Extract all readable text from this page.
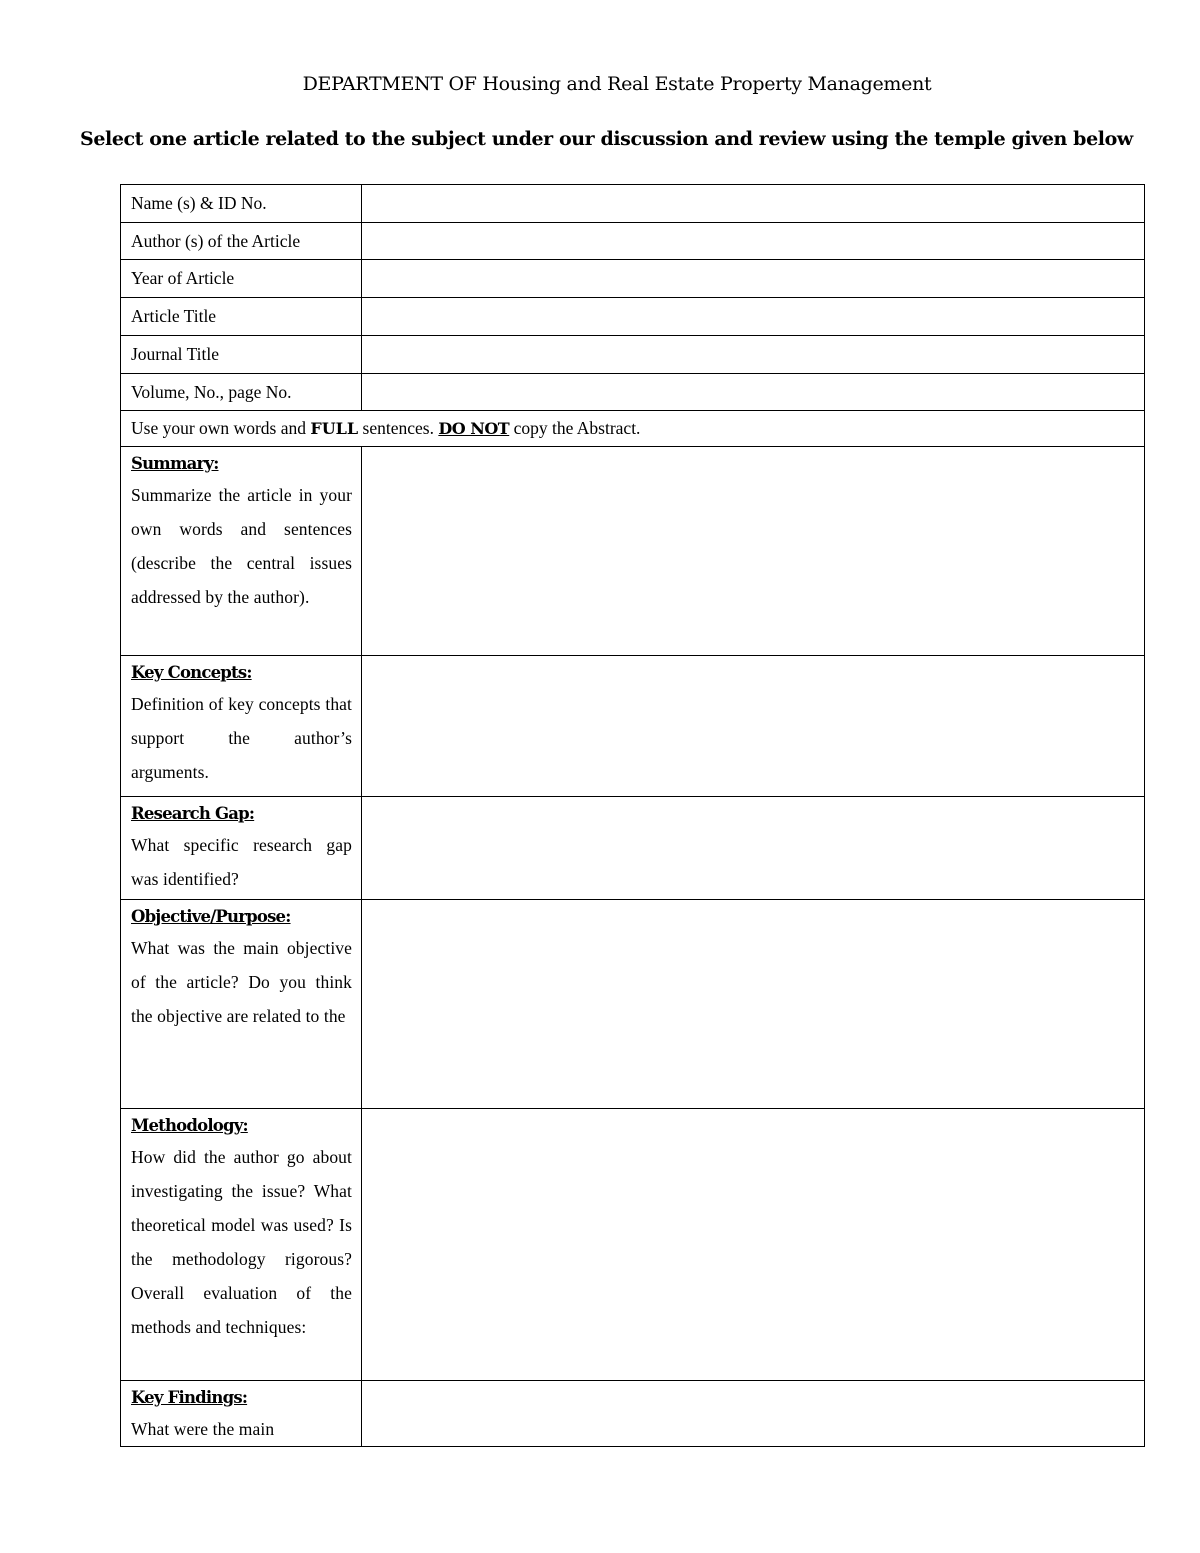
DEPARTMENT OF Housing and Real Estate Property Management
Select one article related to the subject under our discussion and review using the temple given below
Name (s) & ID No.	
Author (s) of the Article	
Year of Article	
Article Title	
Journal Title	
Volume, No., page No.	
Use your own words and FULL sentences. DO NOT copy the Abstract.	

Summary:
Summarize the article in your own words and sentences (describe the central issues addressed by the author).	

Key Concepts:
Definition of key concepts that support the author’s arguments.	

Research Gap:
What specific research gap was identified?	

Objective/Purpose:
What was the main objective of the article? Do you think the objective are related to the	

Methodology:
How did the author go about investigating the issue? What theoretical model was used? Is the methodology rigorous? Overall evaluation of the methods and techniques:	

Key Findings:
What were the main	
